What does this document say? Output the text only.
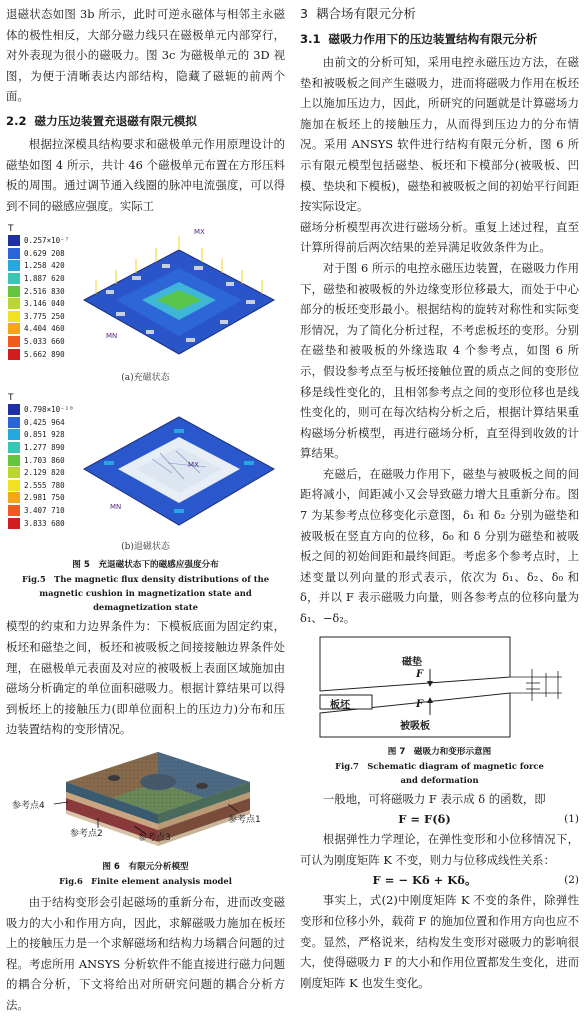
退磁状态如图 3b 所示，此时可逆永磁体与相邻主永磁体的极性相反，大部分磁力线只在磁极单元内部穿行，对外表现为很小的磁吸力。图 3c 为磁极单元的 3D 视图，为便于清晰表达内部结构，隐藏了磁轭的前两个面。

2.2 磁力压边装置充退磁有限元模拟

根据拉深模具结构要求和磁极单元作用原理设计的磁垫如图 4 所示，共计 46 个磁极单元布置在方形压料板的周围。通过调节通入线圈的脉冲电流强度，可以得到不同的磁感应强度。实际工

T
0.257×10⁻⁷
0.629 208
1.258 420
1.887 620
2.516 830
3.146 040
3.775 250
4.404 460
5.033 660
5.662 890
MX
MN
(a)充磁状态
T
0.798×10⁻¹⁰
0.425 964
0.851 928
1.277 890
1.703 860
2.129 820
2.555 780
2.981 750
3.407 710
3.833 680
MX
MN
(b)退磁状态

图 5　充退磁状态下的磁感应强度分布

Fig.5　The magnetic flux density distributions of the

magnetic cushion in magnetization state and

demagnetization state

模型的约束和力边界条件为：下模板底面为固定约束，板坯和磁垫之间，板坯和被吸板之间接接触边界条件处理，在磁极单元表面及对应的被吸板上表面区域施加由磁场分析确定的单位面积磁吸力。根据计算结果可以得到板坯上的接触压力(即单位面积上的压边力)分布和压边装置结构的变形情况。

参考点4
参考点2	参考点3
参考点1

图 6　有限元分析模型

Fig.6　Finite element analysis model

由于结构变形会引起磁场的重新分布，进而改变磁吸力的大小和作用方向，因此，求解磁吸力施加在板坯上的接触压力是一个求解磁场和结构力场耦合问题的过程。考虑所用 ANSYS 分析软件不能直接进行磁力问题的耦合分析，下文将给出对所研究问题的耦合分析方法。

3 耦合场有限元分析
3.1 磁吸力作用下的压边装置结构有限元分析

由前文的分析可知，采用电控永磁压边方法，在磁垫和被吸板之间产生磁吸力，进而将磁吸力作用在板坯上以施加压边力，因此，所研究的问题就是计算磁场力施加在板坯上的接触压力，从而得到压边力的分布情况。采用 ANSYS 软件进行结构有限元分析，图 6 所示有限元模型包括磁垫、板坯和下模部分(被吸板、凹模、垫块和下模板)，磁垫和被吸板之间的初始平行间距按实际设定。

磁场分析模型再次进行磁场分析。重复上述过程，直至计算所得前后两次结果的差异满足收敛条件为止。

对于图 6 所示的电控永磁压边装置，在磁吸力作用下，磁垫和被吸板的外边缘变形位移最大，而处于中心部分的板坯变形最小。根据结构的旋转对称性和实际变形情况，为了简化分析过程，不考虑板坯的变形。分别在磁垫和被吸板的外缘选取 4 个参考点，如图 6 所示，假设参考点至与板坯接触位置的质点之间的变形位移是线性变化的，且相邻参考点之间的变形位移也是线性变化的，则可在每次结构分析之后，根据计算结果重构磁场分析模型，再进行磁场分析，直至得到收敛的计算结果。

充磁后，在磁吸力作用下，磁垫与被吸板之间的间距将减小，间距减小又会导致磁力增大且重新分布。图 7 为某参考点位移变化示意图，δ₁ 和 δ₂ 分别为磁垫和被吸板在竖直方向的位移，δ₀ 和 δ 分别为磁垫和被吸板之间的初始间距和最终间距。考虑多个参考点时，上述变量以列向量的形式表示，依次为 δ₁、δ₂、δ₀ 和 δ，并以 F 表示磁吸力向量，则各参考点的位移向量为 δ₁、−δ₂。

磁垫
板坯
被吸板
F
F

图 7　磁吸力和变形示意图

Fig.7　Schematic diagram of magnetic force

and deformation

一般地，可将磁吸力 F 表示成 δ 的函数，即

F = F(δ)	(1)

根据弹性力学理论，在弹性变形和小位移情况下，可认为刚度矩阵 K 不变，则力与位移成线性关系：

F = − Kδ + Kδ。	(2)

事实上，式(2)中刚度矩阵 K 不变的条件，除弹性变形和位移小外，载荷 F 的施加位置和作用方向也应不变。显然，严格说来，结构发生变形对磁吸力的影响很大，使得磁吸力 F 的大小和作用位置都发生变化，进而刚度矩阵 K 也发生变化。
